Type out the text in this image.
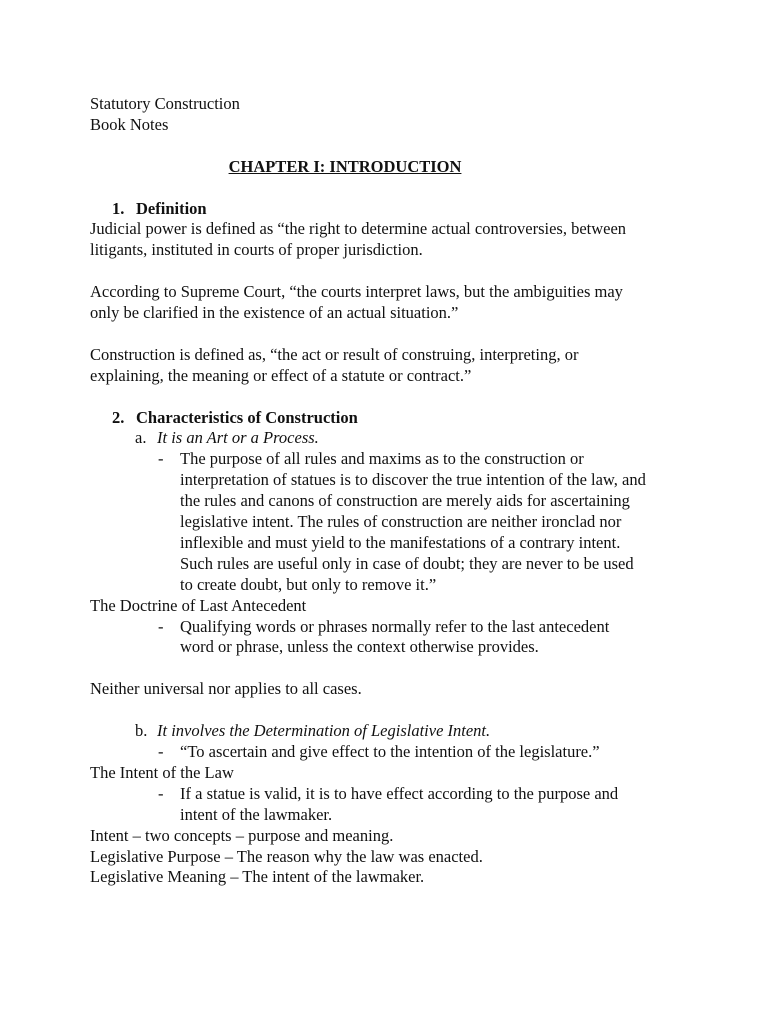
Statutory Construction
Book Notes
CHAPTER I: INTRODUCTION
1. Definition
Judicial power is defined as “the right to determine actual controversies, between
litigants, instituted in courts of proper jurisdiction.
According to Supreme Court, “the courts interpret laws, but the ambiguities may
only be clarified in the existence of an actual situation.”
Construction is defined as, “the act or result of construing, interpreting, or
explaining, the meaning or effect of a statute or contract.”
2. Characteristics of Construction
a. It is an Art or a Process.
- The purpose of all rules and maxims as to the construction or
interpretation of statues is to discover the true intention of the law, and
the rules and canons of construction are merely aids for ascertaining
legislative intent. The rules of construction are neither ironclad nor
inflexible and must yield to the manifestations of a contrary intent.
Such rules are useful only in case of doubt; they are never to be used
to create doubt, but only to remove it.”
The Doctrine of Last Antecedent
- Qualifying words or phrases normally refer to the last antecedent
word or phrase, unless the context otherwise provides.
Neither universal nor applies to all cases.
b. It involves the Determination of Legislative Intent.
- “To ascertain and give effect to the intention of the legislature.”
The Intent of the Law
- If a statue is valid, it is to have effect according to the purpose and
intent of the lawmaker.
Intent – two concepts – purpose and meaning.
Legislative Purpose – The reason why the law was enacted.
Legislative Meaning – The intent of the lawmaker.
